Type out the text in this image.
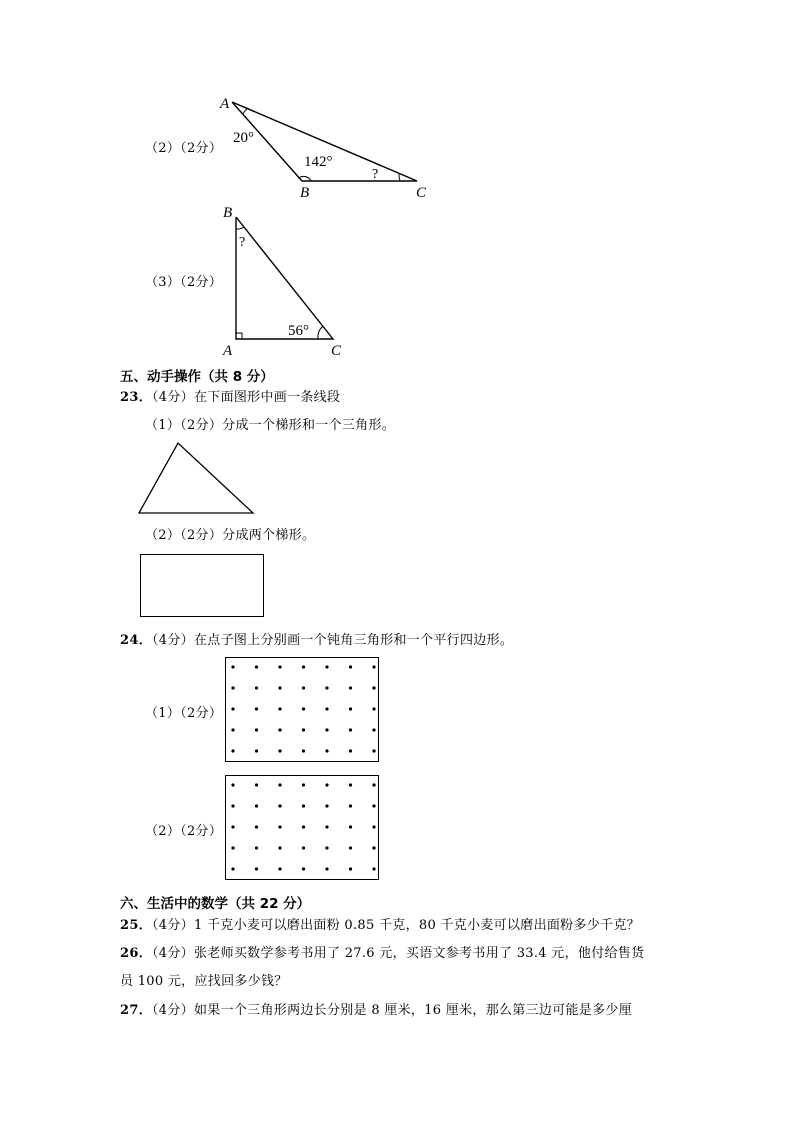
（2）（2分）
A
20°
142°
?
B	C
（3）（2分）
B
?
56°
A	C
五、动手操作（共 8 分）
23．（4分）在下面图形中画一条线段
（1）（2分）分成一个梯形和一个三角形。
（2）（2分）分成两个梯形。
24．（4分）在点子图上分别画一个钝角三角形和一个平行四边形。
（1）（2分）
（2）（2分）
六、生活中的数学（共 22 分）
25．（4分）1 千克小麦可以磨出面粉 0.85 千克，80 千克小麦可以磨出面粉多少千克？
26．（4分）张老师买数学参考书用了 27.6 元，买语文参考书用了 33.4 元，他付给售货
员 100 元，应找回多少钱？
27．（4分）如果一个三角形两边长分别是 8 厘米，16 厘米，那么第三边可能是多少厘
